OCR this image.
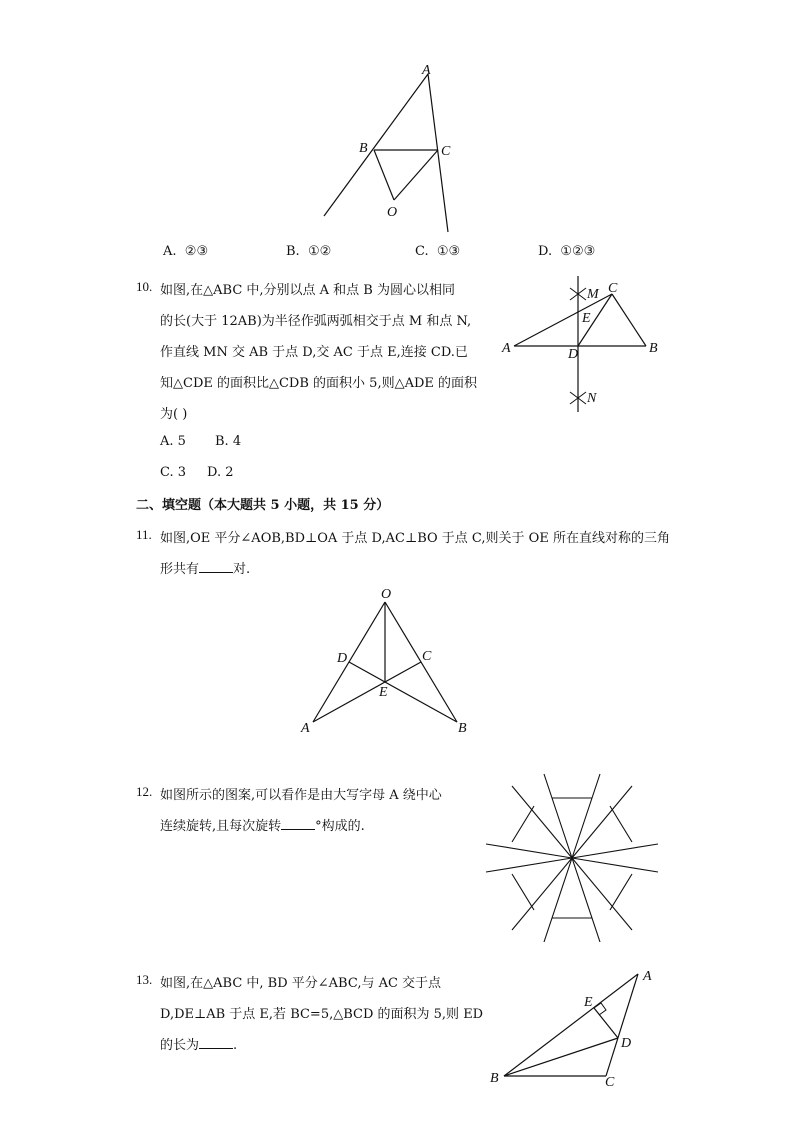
A
B	C
O
A. ②③	B. ①②	C. ①③	D. ①②③
10. 如图,在△ABC 中,分别以点 A 和点 B 为圆心以相同
的长(大于 12AB)为半径作弧两弧相交于点 M 和点 N,
作直线 MN 交 AB 于点 D,交 AC 于点 E,连接 CD.已
知△CDE 的面积比△CDB 的面积小 5,则△ADE 的面积
为( )
A. 5 B. 4
C. 3 D. 2
A	B
C
D
E
M
N
二、填空题（本大题共 5 小题，共 15 分）
11. 如图,OE 平分∠AOB,BD⊥OA 于点 D,AC⊥BO 于点 C,则关于 OE 所在直线对称的三角
形共有	对.
O
D	C
E
A	B
12. 如图所示的图案,可以看作是由大写字母 A 绕中心
连续旋转,且每次旋转	°构成的.
13. 如图,在△ABC 中, BD 平分∠ABC,与 AC 交于点
D,DE⊥AB 于点 E,若 BC=5,△BCD 的面积为 5,则 ED
的长为	.
A
B	C
D
E
